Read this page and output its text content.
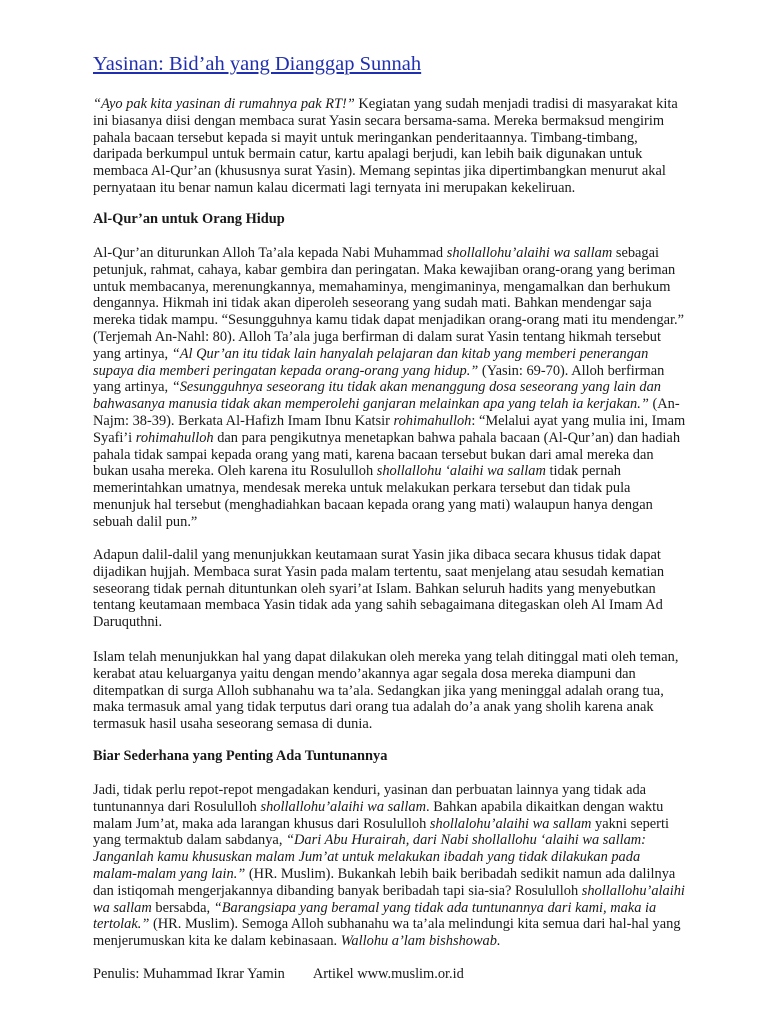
Yasinan: Bid’ah yang Dianggap Sunnah
“Ayo pak kita yasinan di rumahnya pak RT!” Kegiatan yang sudah menjadi tradisi di masyarakat kita
ini biasanya diisi dengan membaca surat Yasin secara bersama-sama. Mereka bermaksud mengirim
pahala bacaan tersebut kepada si mayit untuk meringankan penderitaannya. Timbang-timbang,
daripada berkumpul untuk bermain catur, kartu apalagi berjudi, kan lebih baik digunakan untuk
membaca Al-Qur’an (khususnya surat Yasin). Memang sepintas jika dipertimbangkan menurut akal
pernyataan itu benar namun kalau dicermati lagi ternyata ini merupakan kekeliruan.
Al-Qur’an untuk Orang Hidup
Al-Qur’an diturunkan Alloh Ta’ala kepada Nabi Muhammad shollallohu’alaihi wa sallam sebagai
petunjuk, rahmat, cahaya, kabar gembira dan peringatan. Maka kewajiban orang-orang yang beriman
untuk membacanya, merenungkannya, memahaminya, mengimaninya, mengamalkan dan berhukum
dengannya. Hikmah ini tidak akan diperoleh seseorang yang sudah mati. Bahkan mendengar saja
mereka tidak mampu. “Sesungguhnya kamu tidak dapat menjadikan orang-orang mati itu mendengar.”
(Terjemah An-Nahl: 80). Alloh Ta’ala juga berfirman di dalam surat Yasin tentang hikmah tersebut
yang artinya, “Al Qur’an itu tidak lain hanyalah pelajaran dan kitab yang memberi penerangan
supaya dia memberi peringatan kepada orang-orang yang hidup.” (Yasin: 69-70). Alloh berfirman
yang artinya, “Sesungguhnya seseorang itu tidak akan menanggung dosa seseorang yang lain dan
bahwasanya manusia tidak akan memperolehi ganjaran melainkan apa yang telah ia kerjakan.” (An-
Najm: 38-39). Berkata Al-Hafizh Imam Ibnu Katsir rohimahulloh: “Melalui ayat yang mulia ini, Imam
Syafi’i rohimahulloh dan para pengikutnya menetapkan bahwa pahala bacaan (Al-Qur’an) dan hadiah
pahala tidak sampai kepada orang yang mati, karena bacaan tersebut bukan dari amal mereka dan
bukan usaha mereka. Oleh karena itu Rosululloh shollallohu ‘alaihi wa sallam tidak pernah
memerintahkan umatnya, mendesak mereka untuk melakukan perkara tersebut dan tidak pula
menunjuk hal tersebut (menghadiahkan bacaan kepada orang yang mati) walaupun hanya dengan
sebuah dalil pun.”
Adapun dalil-dalil yang menunjukkan keutamaan surat Yasin jika dibaca secara khusus tidak dapat
dijadikan hujjah. Membaca surat Yasin pada malam tertentu, saat menjelang atau sesudah kematian
seseorang tidak pernah dituntunkan oleh syari’at Islam. Bahkan seluruh hadits yang menyebutkan
tentang keutamaan membaca Yasin tidak ada yang sahih sebagaimana ditegaskan oleh Al Imam Ad
Daruquthni.
Islam telah menunjukkan hal yang dapat dilakukan oleh mereka yang telah ditinggal mati oleh teman,
kerabat atau keluarganya yaitu dengan mendo’akannya agar segala dosa mereka diampuni dan
ditempatkan di surga Alloh subhanahu wa ta’ala. Sedangkan jika yang meninggal adalah orang tua,
maka termasuk amal yang tidak terputus dari orang tua adalah do’a anak yang sholih karena anak
termasuk hasil usaha seseorang semasa di dunia.
Biar Sederhana yang Penting Ada Tuntunannya
Jadi, tidak perlu repot-repot mengadakan kenduri, yasinan dan perbuatan lainnya yang tidak ada
tuntunannya dari Rosululloh shollallohu’alaihi wa sallam. Bahkan apabila dikaitkan dengan waktu
malam Jum’at, maka ada larangan khusus dari Rosululloh shollalohu’alaihi wa sallam yakni seperti
yang termaktub dalam sabdanya, “Dari Abu Hurairah, dari Nabi shollallohu ‘alaihi wa sallam:
Janganlah kamu khususkan malam Jum’at untuk melakukan ibadah yang tidak dilakukan pada
malam-malam yang lain.” (HR. Muslim). Bukankah lebih baik beribadah sedikit namun ada dalilnya
dan istiqomah mengerjakannya dibanding banyak beribadah tapi sia-sia? Rosululloh shollallohu’alaihi
wa sallam bersabda, “Barangsiapa yang beramal yang tidak ada tuntunannya dari kami, maka ia
tertolak.” (HR. Muslim). Semoga Alloh subhanahu wa ta’ala melindungi kita semua dari hal-hal yang
menjerumuskan kita ke dalam kebinasaan. Wallohu a’lam bishshowab.
Penulis: Muhammad Ikrar Yamin Artikel www.muslim.or.id
